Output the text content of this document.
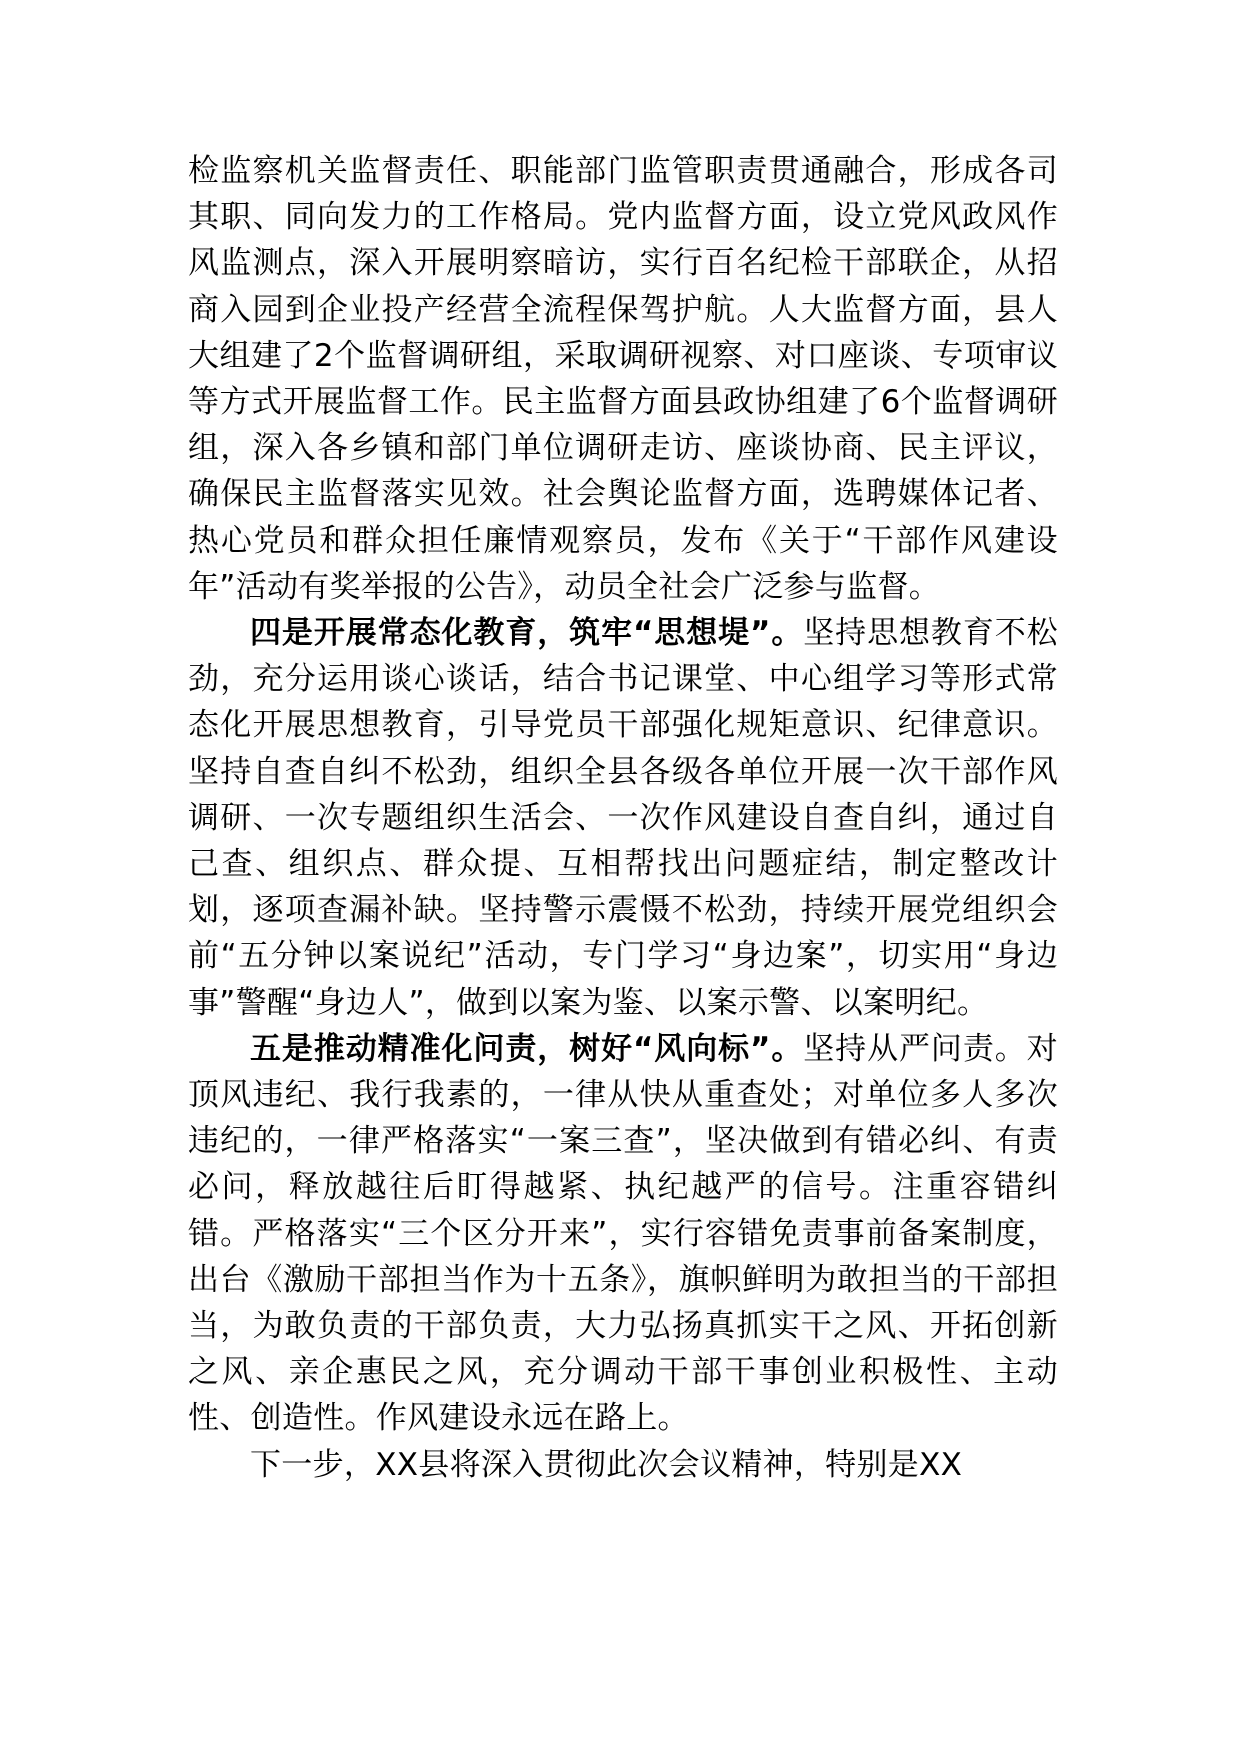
检监察机关监督责任、职能部门监管职责贯通融合，形成各司其职、同向发力的工作格局。党内监督方面，设立党风政风作风监测点，深入开展明察暗访，实行百名纪检干部联企，从招商入园到企业投产经营全流程保驾护航。人大监督方面，县人大组建了2个监督调研组，采取调研视察、对口座谈、专项审议等方式开展监督工作。民主监督方面县政协组建了6个监督调研组，深入各乡镇和部门单位调研走访、座谈协商、民主评议，确保民主监督落实见效。社会舆论监督方面，选聘媒体记者、热心党员和群众担任廉情观察员，发布《关于“干部作风建设年”活动有奖举报的公告》，动员全社会广泛参与监督。

四是开展常态化教育，筑牢“思想堤”。坚持思想教育不松劲，充分运用谈心谈话，结合书记课堂、中心组学习等形式常态化开展思想教育，引导党员干部强化规矩意识、纪律意识。坚持自查自纠不松劲，组织全县各级各单位开展一次干部作风调研、一次专题组织生活会、一次作风建设自查自纠，通过自己查、组织点、群众提、互相帮找出问题症结，制定整改计划，逐项查漏补缺。坚持警示震慑不松劲，持续开展党组织会前“五分钟以案说纪”活动，专门学习“身边案”，切实用“身边事”警醒“身边人”，做到以案为鉴、以案示警、以案明纪。

五是推动精准化问责，树好“风向标”。坚持从严问责。对顶风违纪、我行我素的，一律从快从重查处；对单位多人多次违纪的，一律严格落实“一案三查”，坚决做到有错必纠、有责必问，释放越往后盯得越紧、执纪越严的信号。注重容错纠错。严格落实“三个区分开来”，实行容错免责事前备案制度，出台《激励干部担当作为十五条》，旗帜鲜明为敢担当的干部担当，为敢负责的干部负责，大力弘扬真抓实干之风、开拓创新之风、亲企惠民之风，充分调动干部干事创业积极性、主动性、创造性。作风建设永远在路上。

下一步，XX县将深入贯彻此次会议精神，特别是XX
